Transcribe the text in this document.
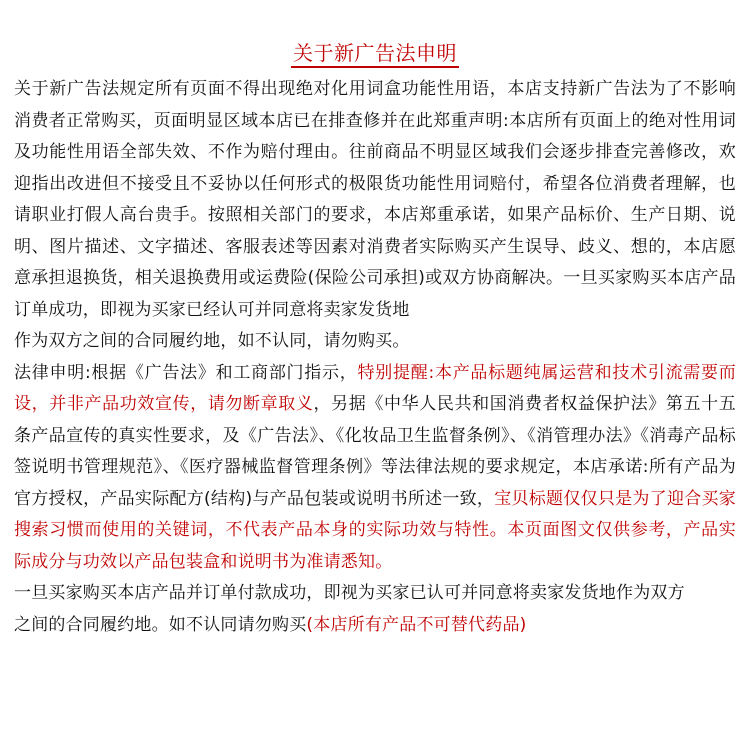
关于新广告法申明

关于新广告法规定所有页面不得出现绝对化用词盒功能性用语，本店支持新广告法为了不影响消费者正常购买，页面明显区域本店已在排查修并在此郑重声明:本店所有页面上的绝对性用词及功能性用语全部失效、不作为赔付理由。往前商品不明显区域我们会逐步排查完善修改，欢迎指出改进但不接受且不妥协以任何形式的极限货功能性用词赔付，希望各位消费者理解，也请职业打假人高台贵手。按照相关部门的要求，本店郑重承诺，如果产品标价、生产日期、说明、图片描述、文字描述、客服表述等因素对消费者实际购买产生误导、歧义、想的，本店愿意承担退换货，相关退换费用或运费险(保险公司承担)或双方协商解决。一旦买家购买本店产品订单成功，即视为买家已经认可并同意将卖家发货地
作为双方之间的合同履约地，如不认同，请勿购买。

法律申明:根据《广告法》和工商部门指示，特别提醒:本产品标题纯属运营和技术引流需要而设，并非产品功效宣传，请勿断章取义，另据《中华人民共和国消费者权益保护法》第五十五条产品宣传的真实性要求，及《广告法》、《化妆品卫生监督条例》、《消管理办法》《消毒产品标签说明书管理规范》、《医疗器械监督管理条例》等法律法规的要求规定，本店承诺:所有产品为官方授权，产品实际配方(结构)与产品包装或说明书所述一致，宝贝标题仅仅只是为了迎合买家搜索习惯而使用的关键词，不代表产品本身的实际功效与特性。本页面图文仅供参考，产品实际成分与功效以产品包装盒和说明书为准请悉知。

一旦买家购买本店产品并订单付款成功，即视为买家已认可并同意将卖家发货地作为双方
之间的合同履约地。如不认同请勿购买(本店所有产品不可替代药品)
